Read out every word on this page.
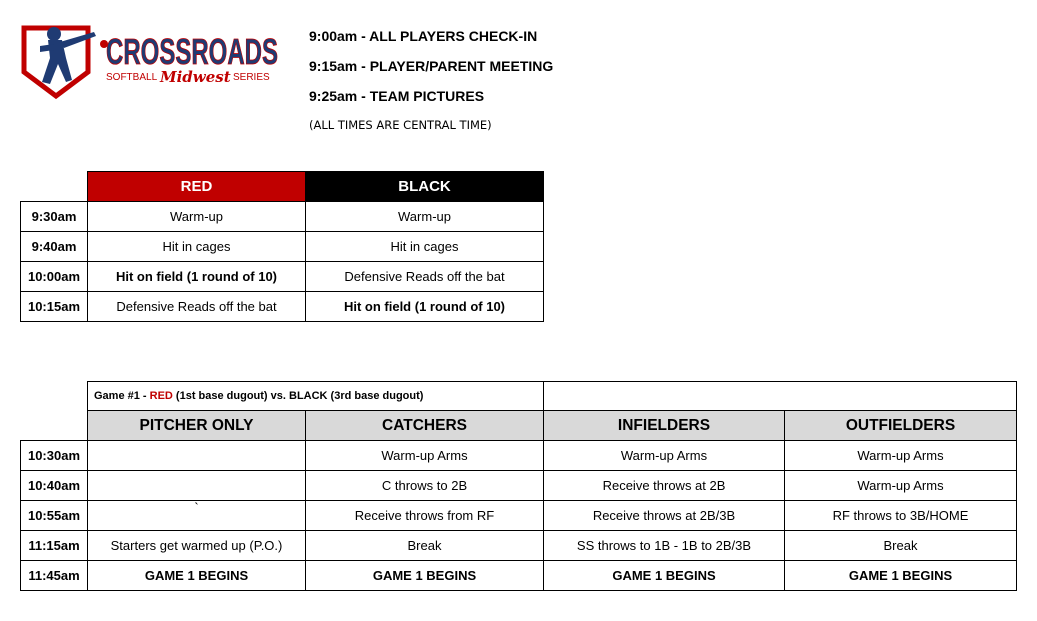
CROSSROADS
SOFTBALL Midwest SERIES
9:00am - ALL PLAYERS CHECK-IN
9:15am - PLAYER/PARENT MEETING
9:25am - TEAM PICTURES
(ALL TIMES ARE CENTRAL TIME)
	RED	BLACK
9:30am	Warm-up	Warm-up
9:40am	Hit in cages	Hit in cages
10:00am	Hit on field (1 round of 10)	Defensive Reads off the bat
10:15am	Defensive Reads off the bat	Hit on field (1 round of 10)
	Game #1 - RED (1st base dugout) vs. BLACK (3rd base dugout)			
	PITCHER ONLY	CATCHERS	INFIELDERS	OUTFIELDERS
10:30am		Warm-up Arms	Warm-up Arms	Warm-up Arms
10:40am		C throws to 2B	Receive throws at 2B	Warm-up Arms
10:55am	`	Receive throws from RF	Receive throws at 2B/3B	RF throws to 3B/HOME
11:15am	Starters get warmed up (P.O.)	Break	SS throws to 1B - 1B to 2B/3B	Break
11:45am	GAME 1 BEGINS	GAME 1 BEGINS	GAME 1 BEGINS	GAME 1 BEGINS
